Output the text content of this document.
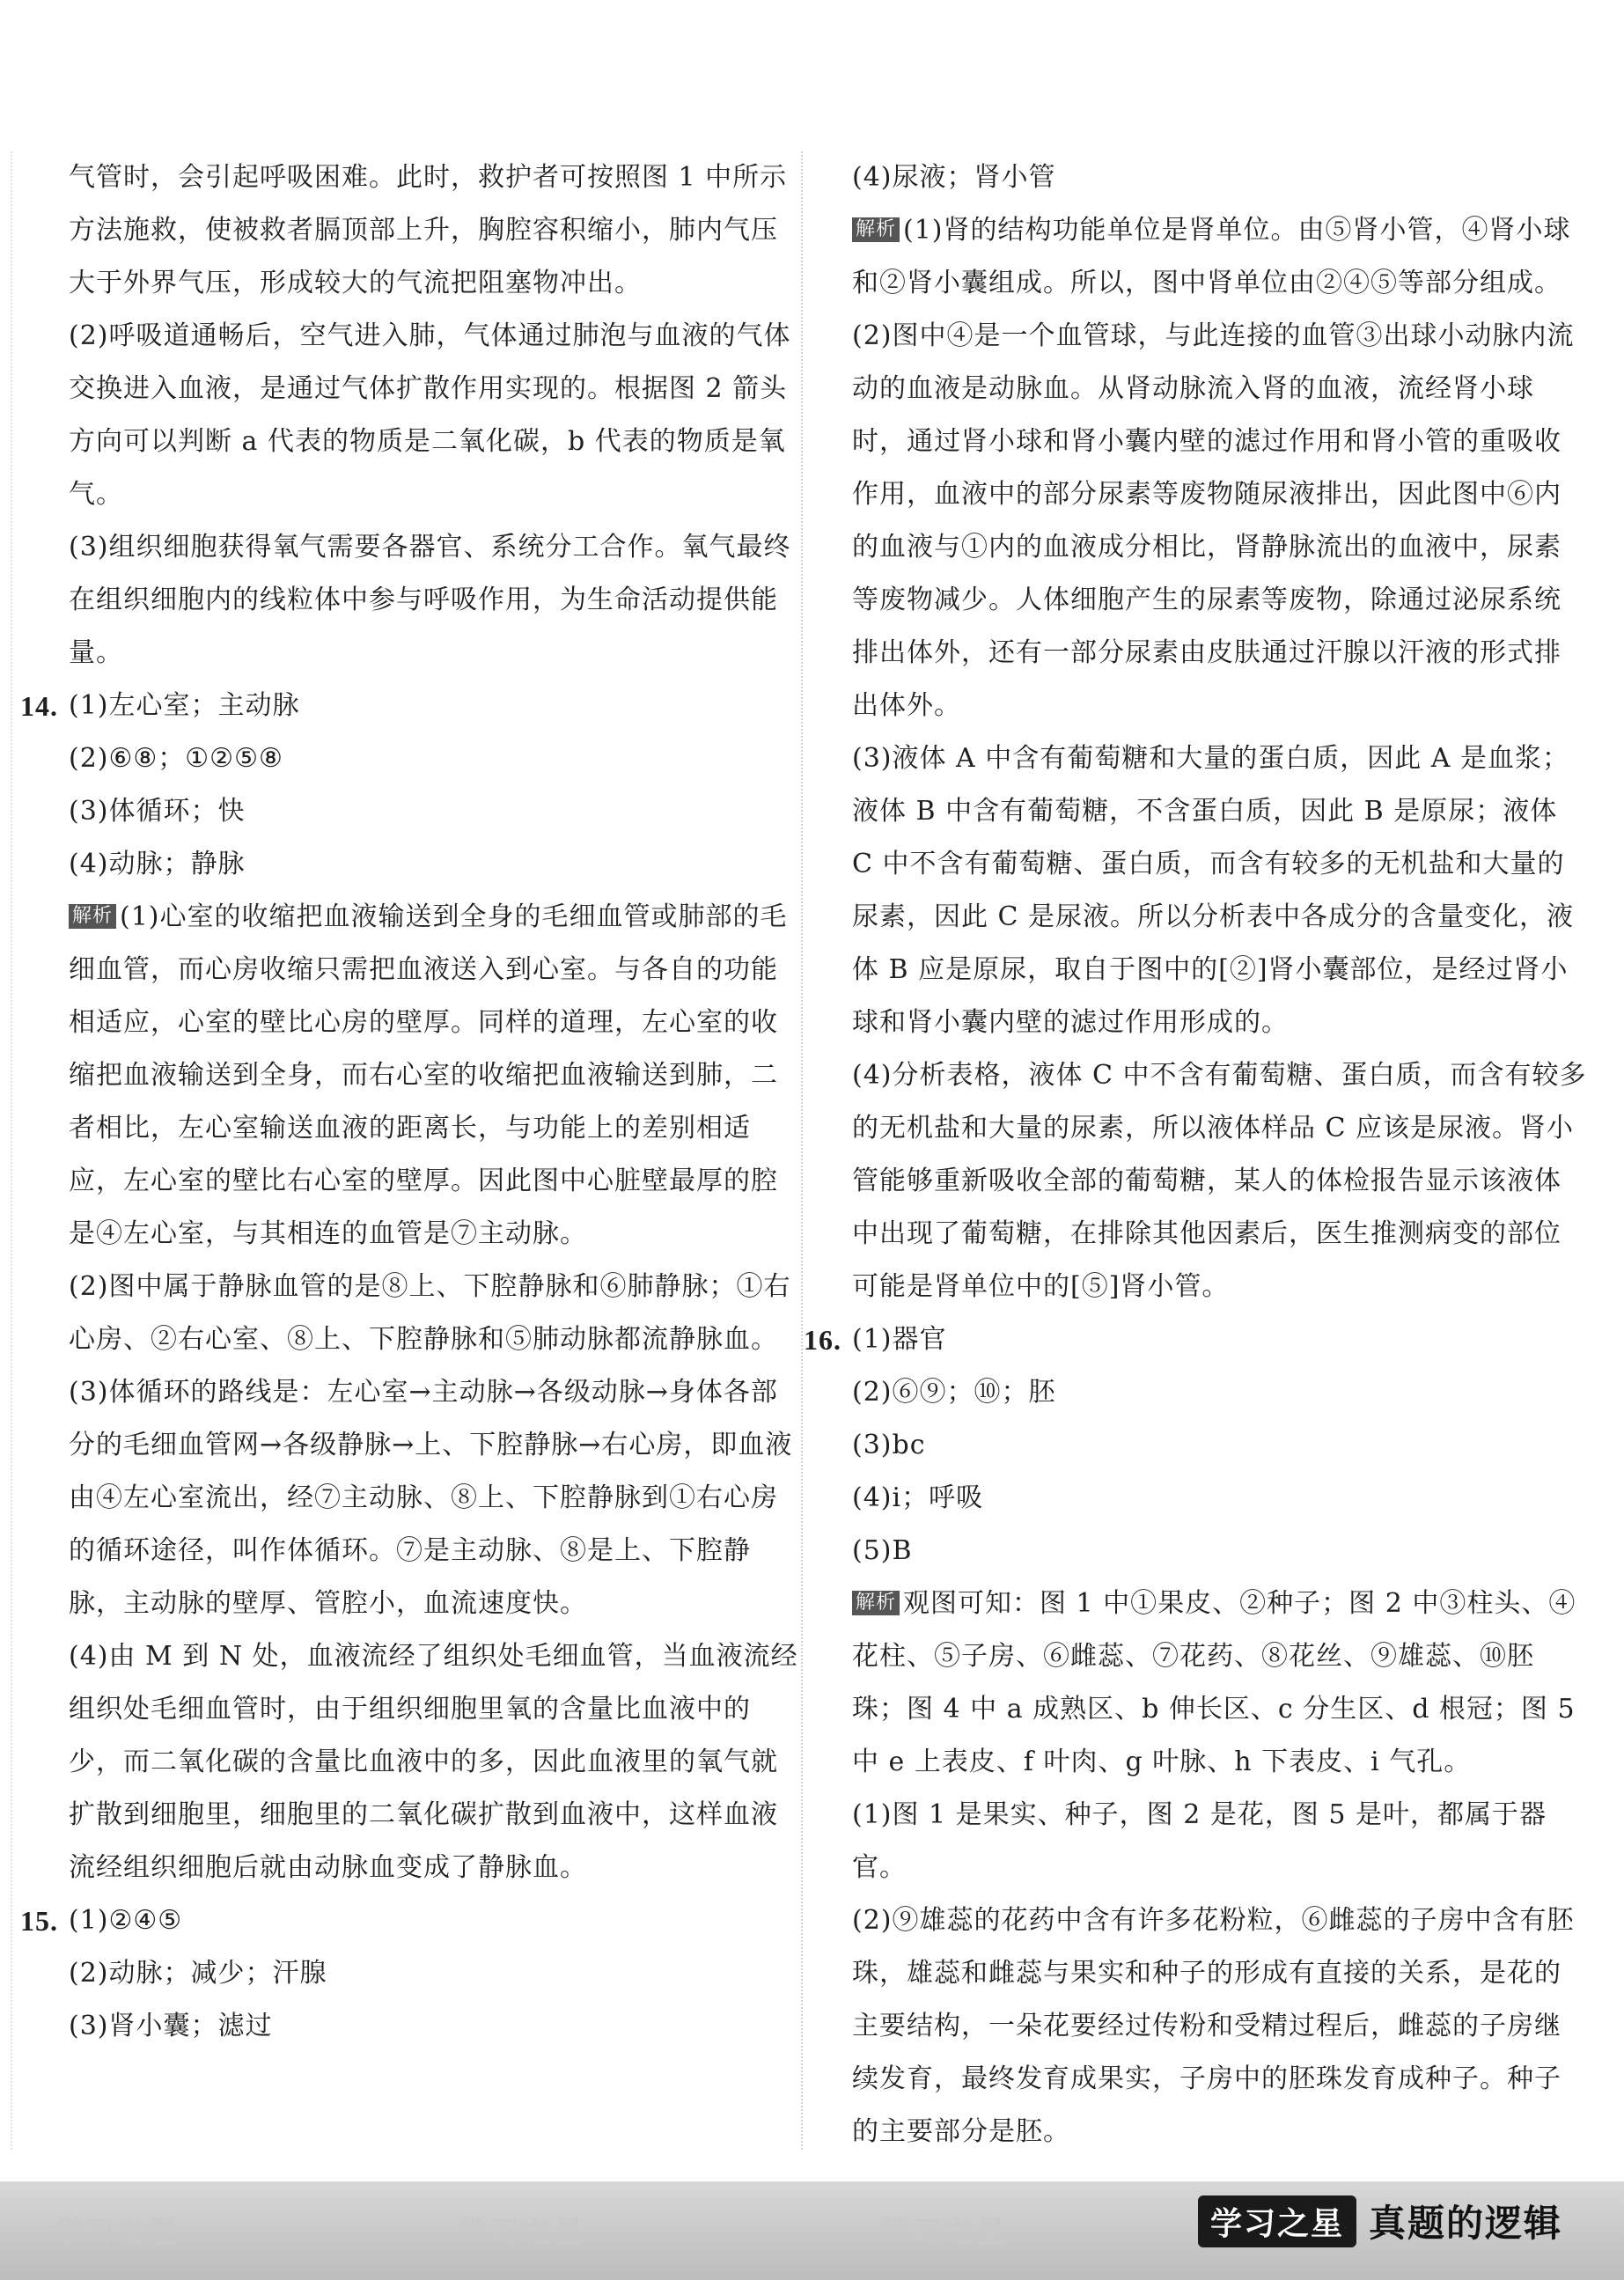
气管时，会引起呼吸困难。此时，救护者可按照图 1 中所示方法施救，使被救者膈顶部上升，胸腔容积缩小，肺内气压大于外界气压，形成较大的气流把阻塞物冲出。

(2)呼吸道通畅后，空气进入肺，气体通过肺泡与血液的气体交换进入血液，是通过气体扩散作用实现的。根据图 2 箭头方向可以判断 a 代表的物质是二氧化碳，b 代表的物质是氧气。

(3)组织细胞获得氧气需要各器官、系统分工合作。氧气最终在组织细胞内的线粒体中参与呼吸作用，为生命活动提供能量。

14. (1)左心室；主动脉

(2)⑥⑧；①②⑤⑧

(3)体循环；快

(4)动脉；静脉

解析 (1)心室的收缩把血液输送到全身的毛细血管或肺部的毛细血管，而心房收缩只需把血液送入到心室。与各自的功能相适应，心室的壁比心房的壁厚。同样的道理，左心室的收缩把血液输送到全身，而右心室的收缩把血液输送到肺，二者相比，左心室输送血液的距离长，与功能上的差别相适应，左心室的壁比右心室的壁厚。因此图中心脏壁最厚的腔是④左心室，与其相连的血管是⑦主动脉。

(2)图中属于静脉血管的是⑧上、下腔静脉和⑥肺静脉；①右心房、②右心室、⑧上、下腔静脉和⑤肺动脉都流静脉血。

(3)体循环的路线是：左心室→主动脉→各级动脉→身体各部分的毛细血管网→各级静脉→上、下腔静脉→右心房，即血液由④左心室流出，经⑦主动脉、⑧上、下腔静脉到①右心房的循环途径，叫作体循环。⑦是主动脉、⑧是上、下腔静脉，主动脉的壁厚、管腔小，血流速度快。

(4)由 M 到 N 处，血液流经了组织处毛细血管，当血液流经组织处毛细血管时，由于组织细胞里氧的含量比血液中的少，而二氧化碳的含量比血液中的多，因此血液里的氧气就扩散到细胞里，细胞里的二氧化碳扩散到血液中，这样血液流经组织细胞后就由动脉血变成了静脉血。

15. (1)②④⑤

(2)动脉；减少；汗腺

(3)肾小囊；滤过

(4)尿液；肾小管

解析 (1)肾的结构功能单位是肾单位。由⑤肾小管，④肾小球和②肾小囊组成。所以，图中肾单位由②④⑤等部分组成。

(2)图中④是一个血管球，与此连接的血管③出球小动脉内流动的血液是动脉血。从肾动脉流入肾的血液，流经肾小球时，通过肾小球和肾小囊内壁的滤过作用和肾小管的重吸收作用，血液中的部分尿素等废物随尿液排出，因此图中⑥内的血液与①内的血液成分相比，肾静脉流出的血液中，尿素等废物减少。人体细胞产生的尿素等废物，除通过泌尿系统排出体外，还有一部分尿素由皮肤通过汗腺以汗液的形式排出体外。

(3)液体 A 中含有葡萄糖和大量的蛋白质，因此 A 是血浆；液体 B 中含有葡萄糖，不含蛋白质，因此 B 是原尿；液体 C 中不含有葡萄糖、蛋白质，而含有较多的无机盐和大量的尿素，因此 C 是尿液。所以分析表中各成分的含量变化，液体 B 应是原尿，取自于图中的[②]肾小囊部位，是经过肾小球和肾小囊内壁的滤过作用形成的。

(4)分析表格，液体 C 中不含有葡萄糖、蛋白质，而含有较多的无机盐和大量的尿素，所以液体样品 C 应该是尿液。肾小管能够重新吸收全部的葡萄糖，某人的体检报告显示该液体中出现了葡萄糖，在排除其他因素后，医生推测病变的部位可能是肾单位中的[⑤]肾小管。

16. (1)器官

(2)⑥⑨；⑩；胚

(3)bc

(4)i；呼吸

(5)B

解析 观图可知：图 1 中①果皮、②种子；图 2 中③柱头、④花柱、⑤子房、⑥雌蕊、⑦花药、⑧花丝、⑨雄蕊、⑩胚珠；图 4 中 a 成熟区、b 伸长区、c 分生区、d 根冠；图 5 中 e 上表皮、f 叶肉、g 叶脉、h 下表皮、i 气孔。

(1)图 1 是果实、种子，图 2 是花，图 5 是叶，都属于器官。

(2)⑨雄蕊的花药中含有许多花粉粒，⑥雌蕊的子房中含有胚珠，雄蕊和雌蕊与果实和种子的形成有直接的关系，是花的主要结构，一朵花要经过传粉和受精过程后，雌蕊的子房继续发育，最终发育成果实，子房中的胚珠发育成种子。种子的主要部分是胚。

学习之星	学习之星	学习之星	学习之星 真题的逻辑
